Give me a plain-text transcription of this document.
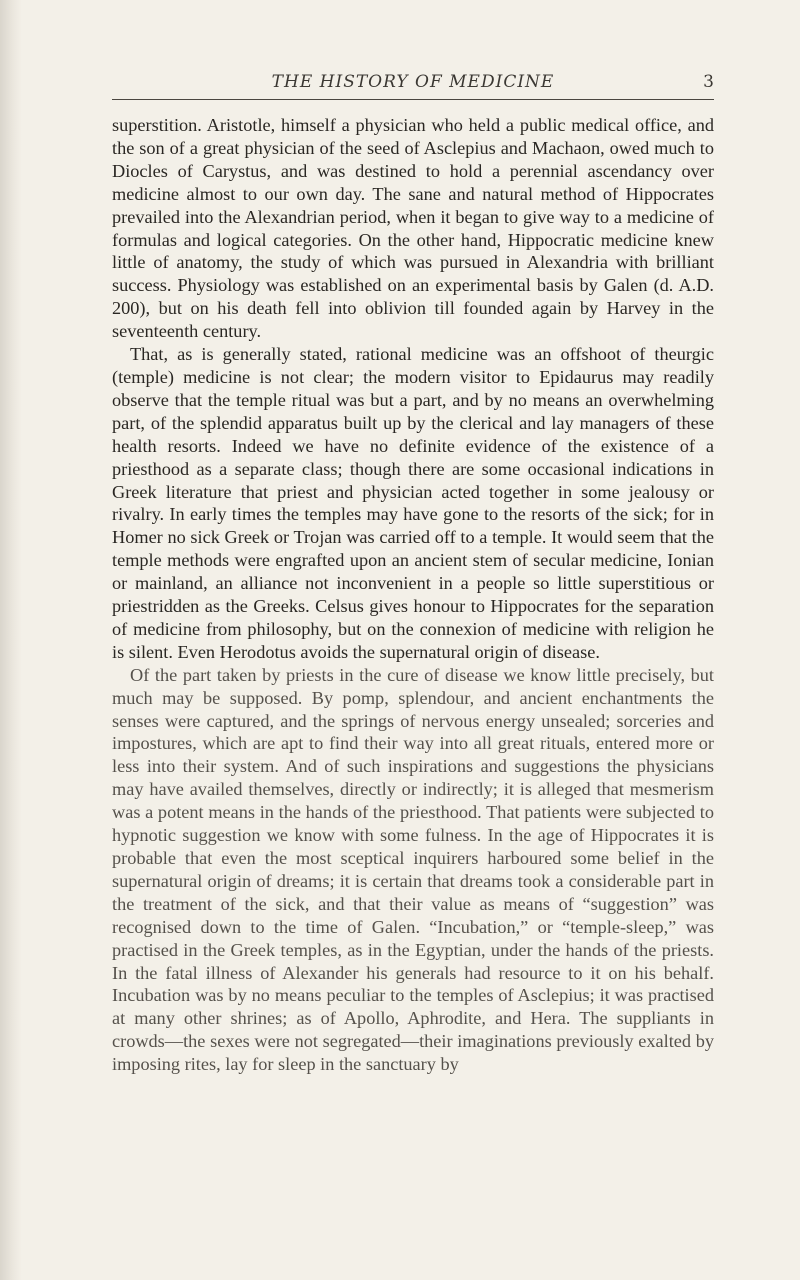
THE HISTORY OF MEDICINE	3

superstition. Aristotle, himself a physician who held a public medical office, and the son of a great physician of the seed of Asclepius and Machaon, owed much to Diocles of Carystus, and was destined to hold a perennial ascendancy over medicine almost to our own day. The sane and natural method of Hippocrates prevailed into the Alexandrian period, when it began to give way to a medicine of formulas and logical categories. On the other hand, Hippocratic medicine knew little of anatomy, the study of which was pursued in Alexandria with brilliant success. Physiology was established on an experimental basis by Galen (d. A.D. 200), but on his death fell into oblivion till founded again by Harvey in the seventeenth century.

That, as is generally stated, rational medicine was an offshoot of theurgic (temple) medicine is not clear; the modern visitor to Epidaurus may readily observe that the temple ritual was but a part, and by no means an overwhelming part, of the splendid apparatus built up by the clerical and lay managers of these health resorts. Indeed we have no definite evidence of the existence of a priesthood as a separate class; though there are some occasional indications in Greek literature that priest and physician acted together in some jealousy or rivalry. In early times the temples may have gone to the resorts of the sick; for in Homer no sick Greek or Trojan was carried off to a temple. It would seem that the temple methods were engrafted upon an ancient stem of secular medicine, Ionian or mainland, an alliance not inconvenient in a people so little superstitious or priestridden as the Greeks. Celsus gives honour to Hippocrates for the separation of medicine from philosophy, but on the connexion of medicine with religion he is silent. Even Herodotus avoids the supernatural origin of disease.

Of the part taken by priests in the cure of disease we know little precisely, but much may be supposed. By pomp, splendour, and ancient enchantments the senses were captured, and the springs of nervous energy unsealed; sorceries and impostures, which are apt to find their way into all great rituals, entered more or less into their system. And of such inspirations and suggestions the physicians may have availed themselves, directly or indirectly; it is alleged that mesmerism was a potent means in the hands of the priesthood. That patients were subjected to hypnotic suggestion we know with some fulness. In the age of Hippocrates it is probable that even the most sceptical inquirers harboured some belief in the supernatural origin of dreams; it is certain that dreams took a considerable part in the treatment of the sick, and that their value as means of “suggestion” was recognised down to the time of Galen. “Incubation,” or “temple-sleep,” was practised in the Greek temples, as in the Egyptian, under the hands of the priests. In the fatal illness of Alexander his generals had resource to it on his behalf. Incubation was by no means peculiar to the temples of Asclepius; it was practised at many other shrines; as of Apollo, Aphrodite, and Hera. The suppliants in crowds—the sexes were not segregated—their imaginations previously exalted by imposing rites, lay for sleep in the sanctuary by
